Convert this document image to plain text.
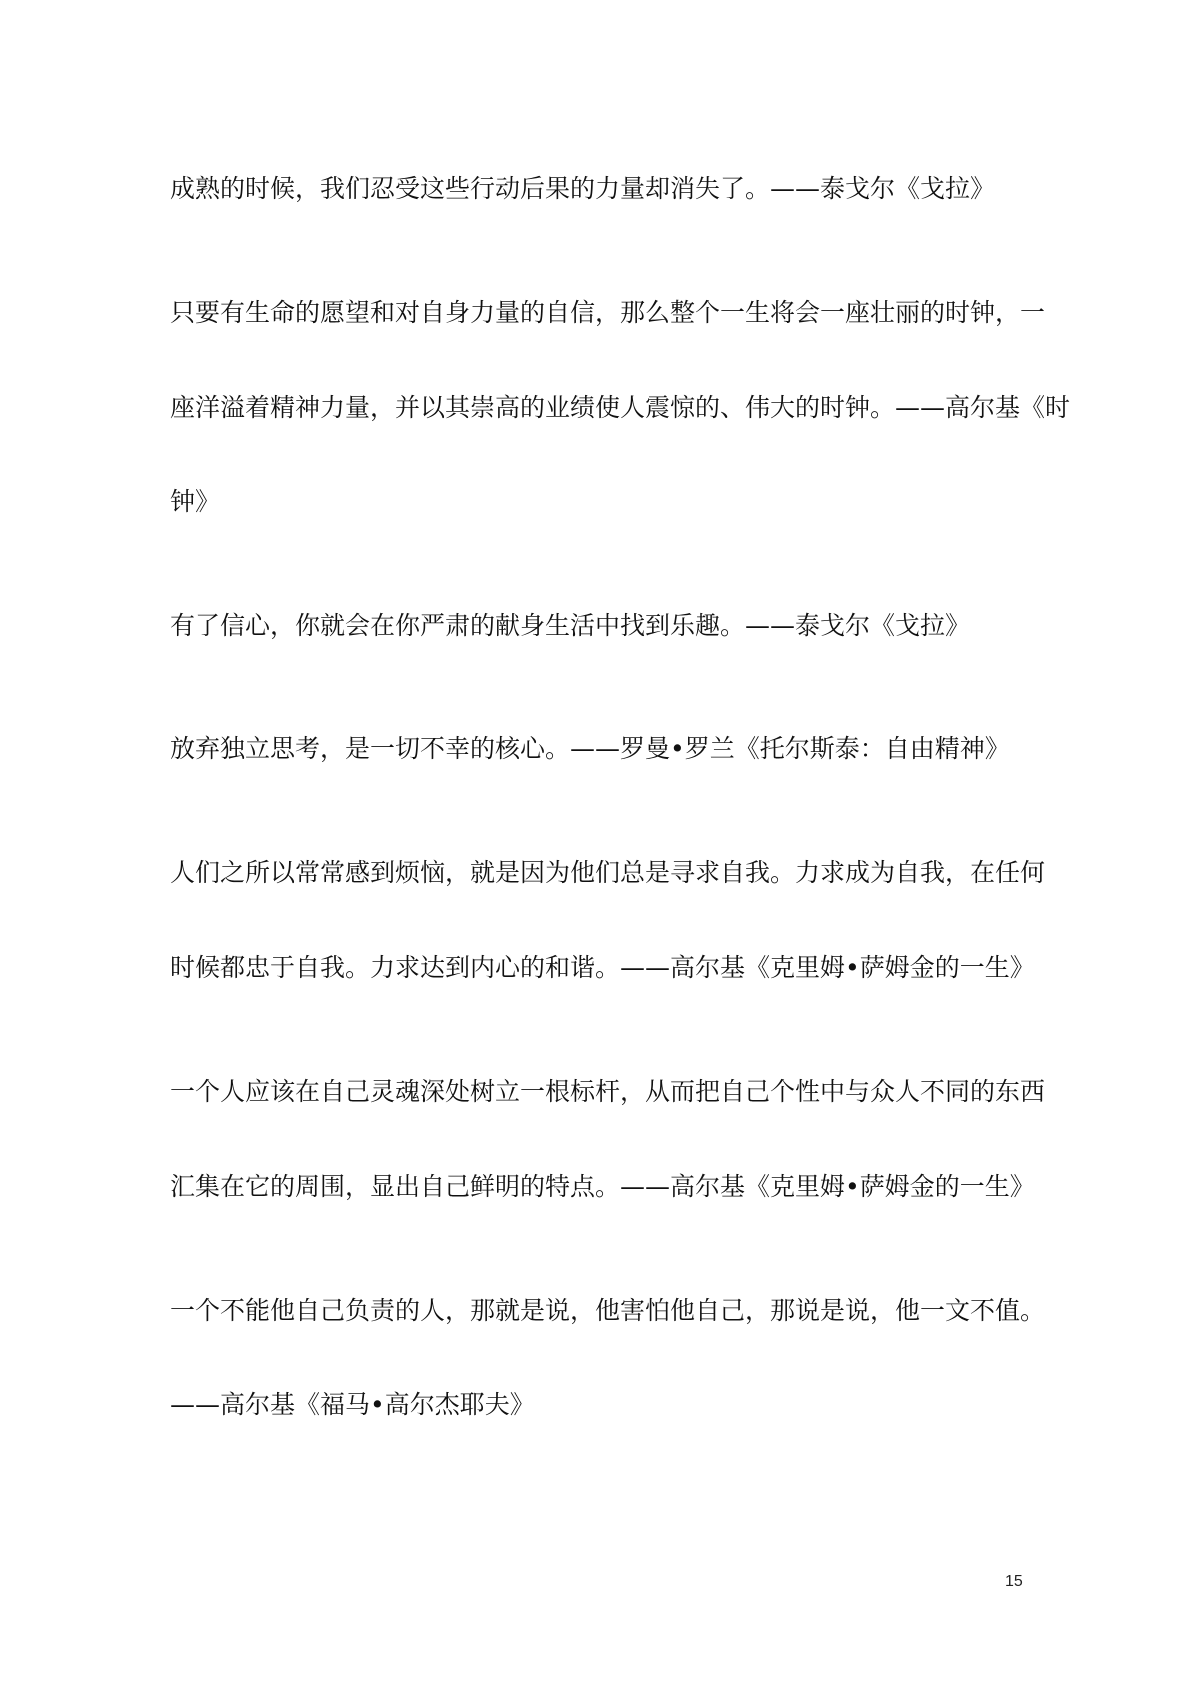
成熟的时候，我们忍受这些行动后果的力量却消失了。——泰戈尔《戈拉》
只要有生命的愿望和对自身力量的自信，那么整个一生将会一座壮丽的时钟，一
座洋溢着精神力量，并以其崇高的业绩使人震惊的、伟大的时钟。——高尔基《时
钟》
有了信心，你就会在你严肃的献身生活中找到乐趣。——泰戈尔《戈拉》
放弃独立思考，是一切不幸的核心。——罗曼•罗兰《托尔斯泰：自由精神》
人们之所以常常感到烦恼，就是因为他们总是寻求自我。力求成为自我，在任何
时候都忠于自我。力求达到内心的和谐。——高尔基《克里姆•萨姆金的一生》
一个人应该在自己灵魂深处树立一根标杆，从而把自己个性中与众人不同的东西
汇集在它的周围，显出自己鲜明的特点。——高尔基《克里姆•萨姆金的一生》
一个不能他自己负责的人，那就是说，他害怕他自己，那说是说，他一文不值。
——高尔基《福马•高尔杰耶夫》
15
